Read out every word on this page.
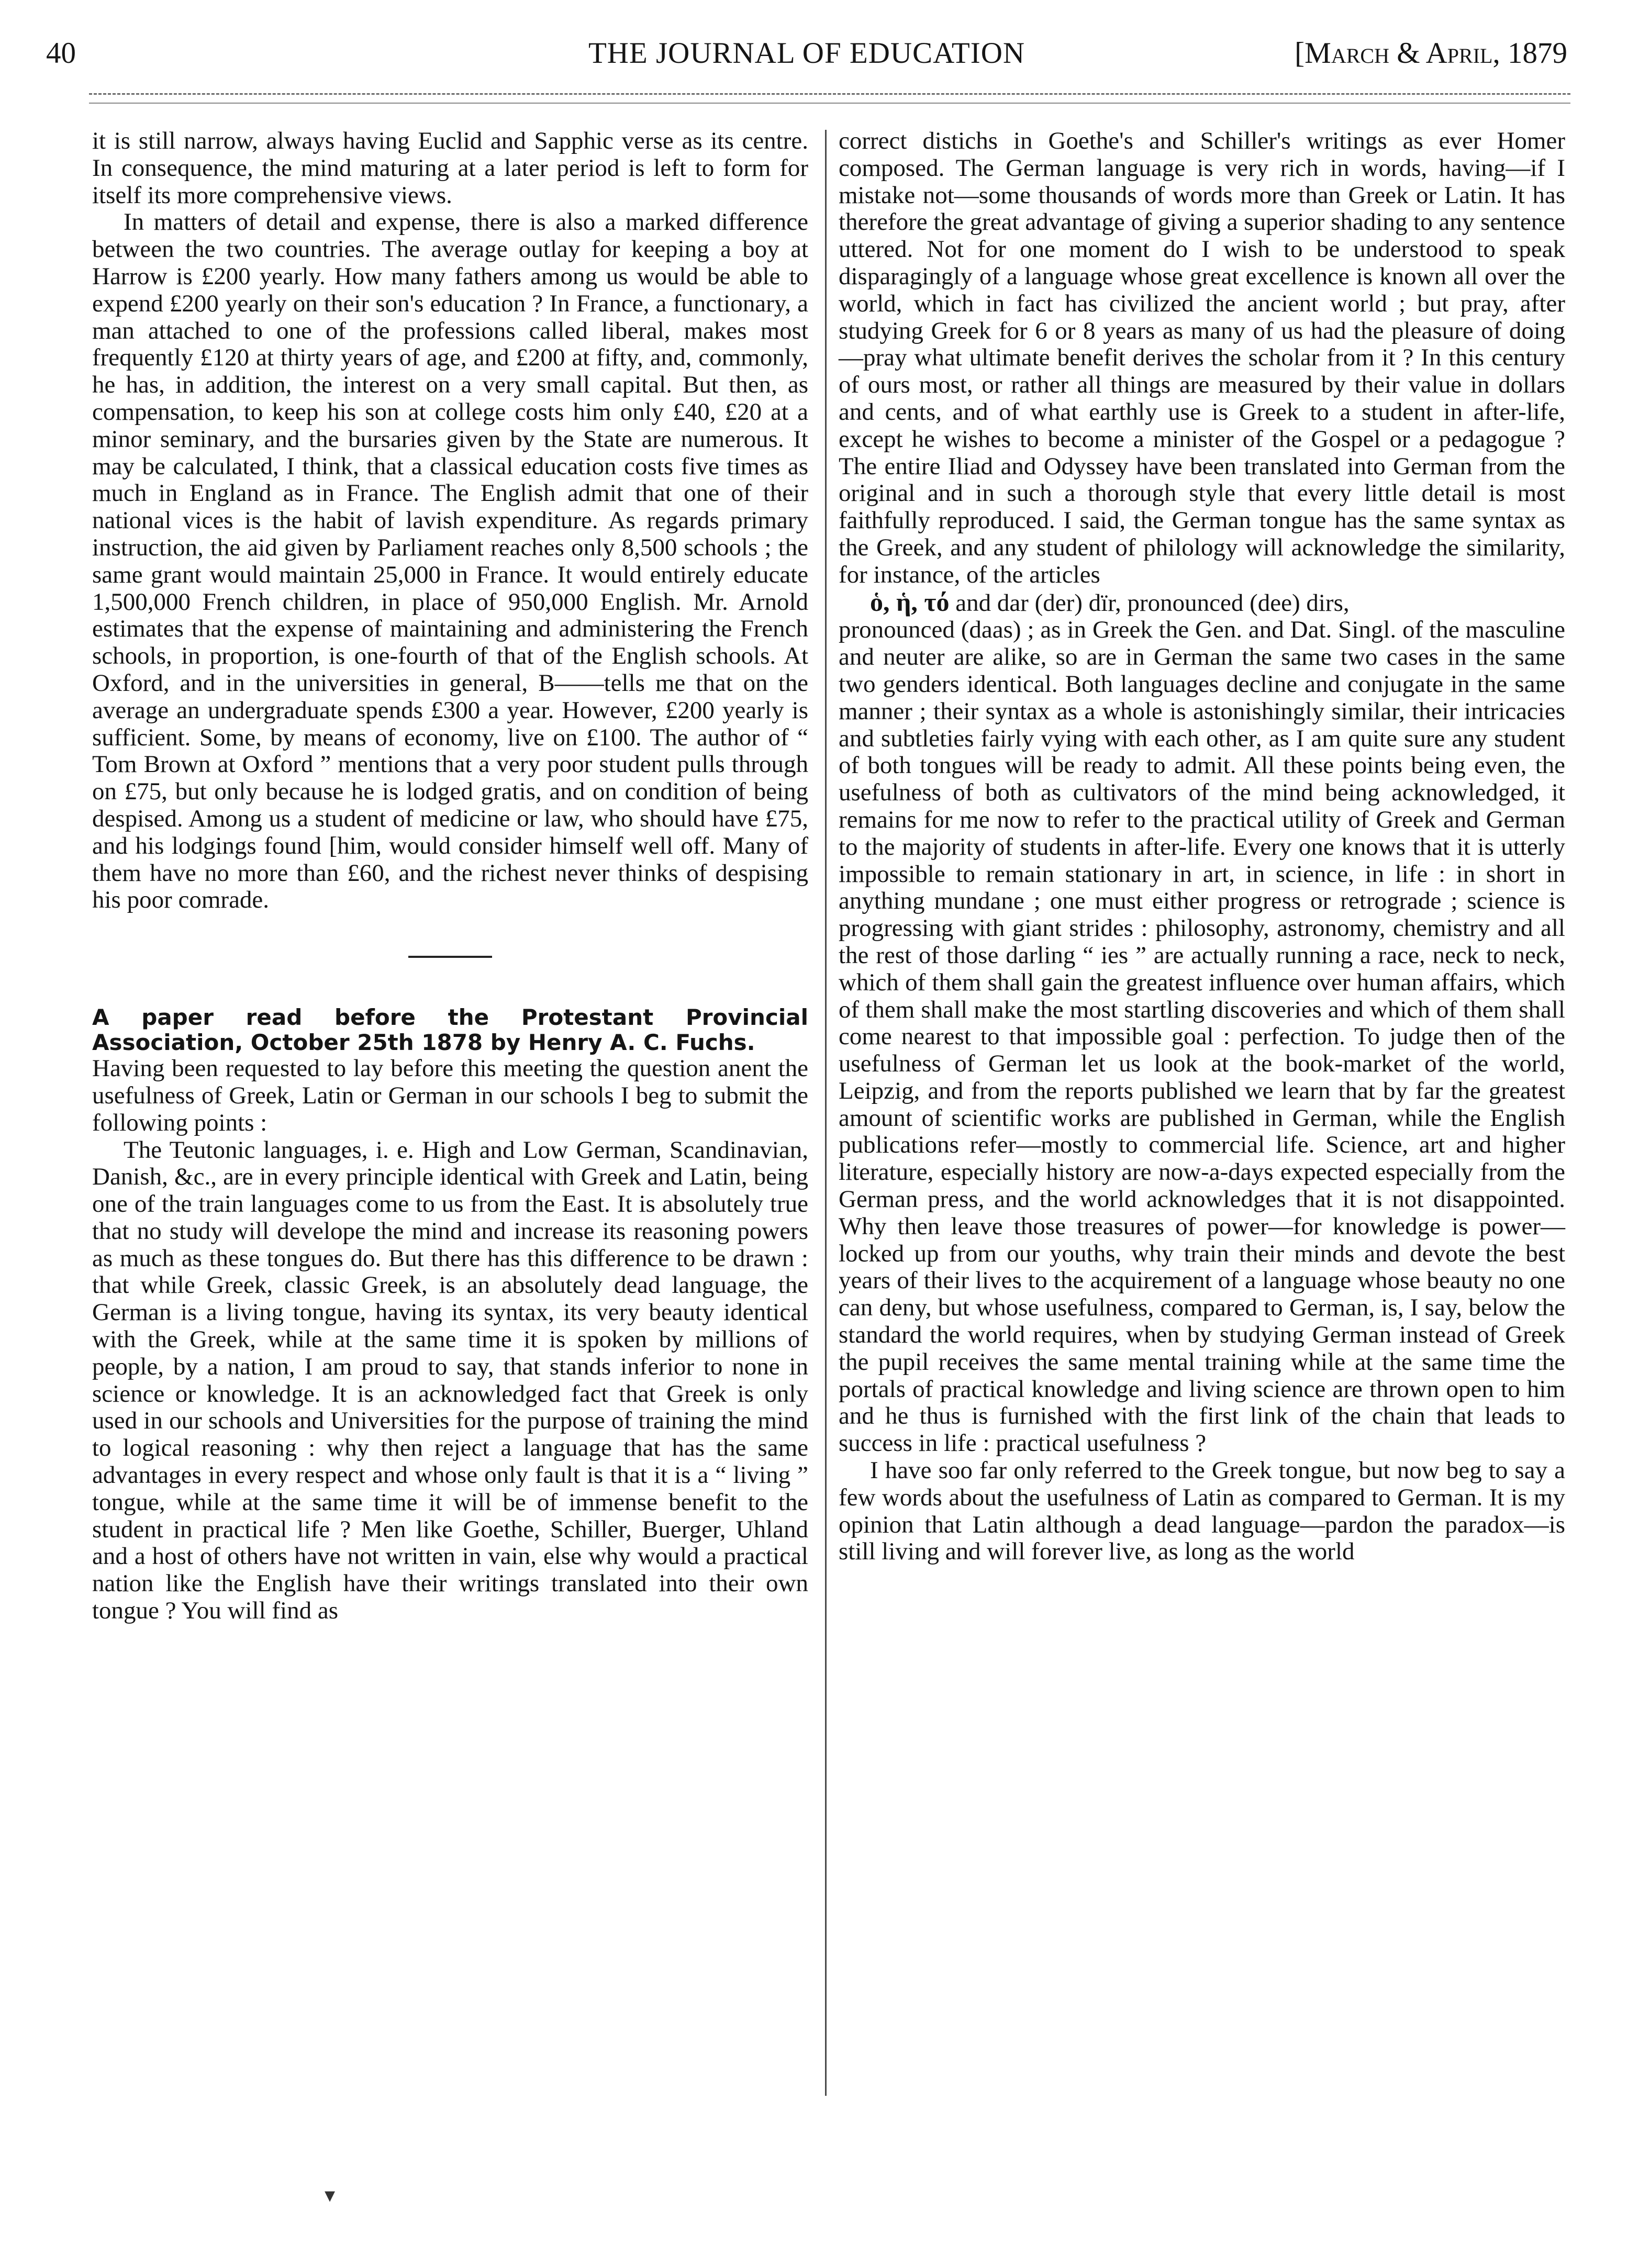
40	THE JOURNAL OF EDUCATION	[March & April, 1879

it is still narrow, always having Euclid and Sapphic verse as its centre. In consequence, the mind maturing at a later period is left to form for itself its more comprehensive views.

In matters of detail and expense, there is also a marked difference between the two countries. The average outlay for keeping a boy at Harrow is £200 yearly. How many fathers among us would be able to expend £200 yearly on their son's education ? In France, a functionary, a man attached to one of the professions called liberal, makes most frequently £120 at thirty years of age, and £200 at fifty, and, commonly, he has, in addition, the interest on a very small capital. But then, as compensation, to keep his son at college costs him only £40, £20 at a minor seminary, and the bursaries given by the State are numerous. It may be calculated, I think, that a classical education costs five times as much in England as in France. The English admit that one of their national vices is the habit of lavish expenditure. As regards primary instruction, the aid given by Parliament reaches only 8,500 schools ; the same grant would maintain 25,000 in France. It would entirely educate 1,500,000 French children, in place of 950,000 English. Mr. Arnold estimates that the expense of maintaining and administering the French schools, in proportion, is one-fourth of that of the English schools. At Oxford, and in the universities in general, B——tells me that on the average an undergraduate spends £300 a year. However, £200 yearly is sufficient. Some, by means of economy, live on £100. The author of “ Tom Brown at Oxford ” mentions that a very poor student pulls through on £75, but only because he is lodged gratis, and on condition of being despised. Among us a student of medicine or law, who should have £75, and his lodgings found [him, would consider himself well off. Many of them have no more than £60, and the richest never thinks of despising his poor comrade.

A paper read before the Protestant Provincial Association, October 25th 1878 by Henry A. C. Fuchs.

Having been requested to lay before this meeting the question anent the usefulness of Greek, Latin or German in our schools I beg to submit the following points :

The Teutonic languages, i. e. High and Low German, Scandinavian, Danish, &c., are in every principle identical with Greek and Latin, being one of the train languages come to us from the East. It is absolutely true that no study will develope the mind and increase its reasoning powers as much as these tongues do. But there has this difference to be drawn : that while Greek, classic Greek, is an absolutely dead language, the German is a living tongue, having its syntax, its very beauty identical with the Greek, while at the same time it is spoken by millions of people, by a nation, I am proud to say, that stands inferior to none in science or knowledge. It is an acknowledged fact that Greek is only used in our schools and Universities for the purpose of training the mind to logical reasoning : why then reject a language that has the same advantages in every respect and whose only fault is that it is a “ living ” tongue, while at the same time it will be of immense benefit to the student in practical life ? Men like Goethe, Schiller, Buerger, Uhland and a host of others have not written in vain, else why would a practical nation like the English have their writings translated into their own tongue ? You will find as

correct distichs in Goethe's and Schiller's writings as ever Homer composed. The German language is very rich in words, having—if I mistake not—some thousands of words more than Greek or Latin. It has therefore the great advantage of giving a superior shading to any sentence uttered. Not for one moment do I wish to be understood to speak disparagingly of a language whose great excellence is known all over the world, which in fact has civilized the ancient world ; but pray, after studying Greek for 6 or 8 years as many of us had the pleasure of doing—pray what ultimate benefit derives the scholar from it ? In this century of ours most, or rather all things are measured by their value in dollars and cents, and of what earthly use is Greek to a student in after-life, except he wishes to become a minister of the Gospel or a pedagogue ? The entire Iliad and Odyssey have been translated into German from the original and in such a thorough style that every little detail is most faithfully reproduced. I said, the German tongue has the same syntax as the Greek, and any student of philology will acknowledge the similarity, for instance, of the articles

ὁ, ἡ, τό and dar (der) dïr, pronounced (dee) dirs,

pronounced (daas) ; as in Greek the Gen. and Dat. Singl. of the masculine and neuter are alike, so are in German the same two cases in the same two genders identical. Both languages decline and conjugate in the same manner ; their syntax as a whole is astonishingly similar, their intricacies and subtleties fairly vying with each other, as I am quite sure any student of both tongues will be ready to admit. All these points being even, the usefulness of both as cultivators of the mind being acknowledged, it remains for me now to refer to the practical utility of Greek and German to the majority of students in after-life. Every one knows that it is utterly impossible to remain stationary in art, in science, in life : in short in anything mundane ; one must either progress or retrograde ; science is progressing with giant strides : philosophy, astronomy, chemistry and all the rest of those darling “ ies ” are actually running a race, neck to neck, which of them shall gain the greatest influence over human affairs, which of them shall make the most startling discoveries and which of them shall come nearest to that impossible goal : perfection. To judge then of the usefulness of German let us look at the book-market of the world, Leipzig, and from the reports published we learn that by far the greatest amount of scientific works are published in German, while the English publications refer—mostly to commercial life. Science, art and higher literature, especially history are now-a-days expected especially from the German press, and the world acknowledges that it is not disappointed. Why then leave those treasures of power—for knowledge is power—locked up from our youths, why train their minds and devote the best years of their lives to the acquirement of a language whose beauty no one can deny, but whose usefulness, compared to German, is, I say, below the standard the world requires, when by studying German instead of Greek the pupil receives the same mental training while at the same time the portals of practical knowledge and living science are thrown open to him and he thus is furnished with the first link of the chain that leads to success in life : practical usefulness ?

I have soo far only referred to the Greek tongue, but now beg to say a few words about the usefulness of Latin as compared to German. It is my opinion that Latin although a dead language—pardon the paradox—is still living and will forever live, as long as the world

▾
